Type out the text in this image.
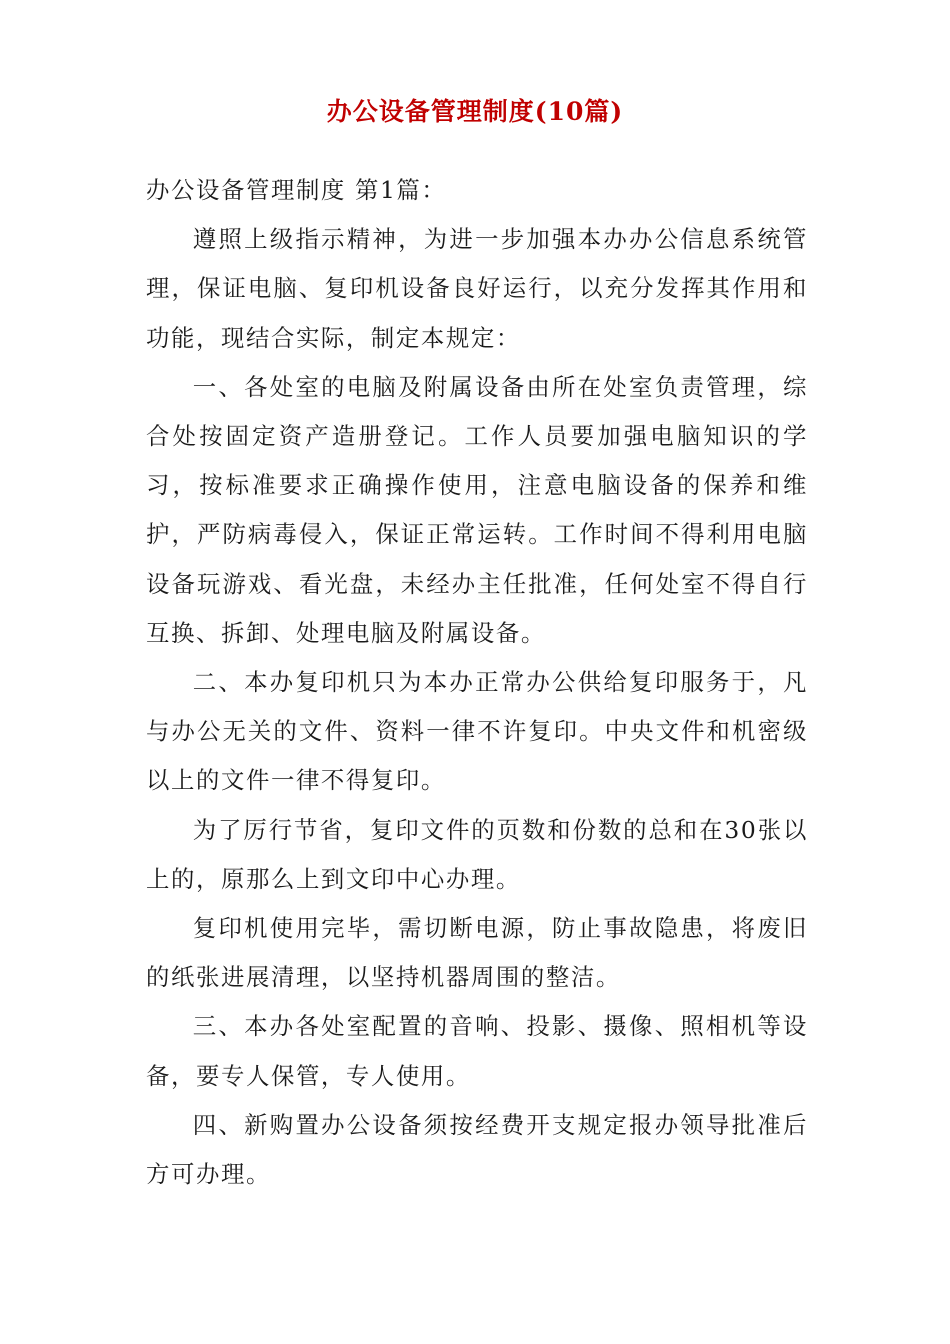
办公设备管理制度(10篇)

办公设备管理制度 第1篇：

遵照上级指示精神，为进一步加强本办办公信息系统管理，保证电脑、复印机设备良好运行，以充分发挥其作用和功能，现结合实际，制定本规定：

一、各处室的电脑及附属设备由所在处室负责管理，综合处按固定资产造册登记。工作人员要加强电脑知识的学习，按标准要求正确操作使用，注意电脑设备的保养和维护，严防病毒侵入，保证正常运转。工作时间不得利用电脑设备玩游戏、看光盘，未经办主任批准，任何处室不得自行互换、拆卸、处理电脑及附属设备。

二、本办复印机只为本办正常办公供给复印服务于，凡与办公无关的文件、资料一律不许复印。中央文件和机密级以上的文件一律不得复印。

为了厉行节省，复印文件的页数和份数的总和在30张以上的，原那么上到文印中心办理。

复印机使用完毕，需切断电源，防止事故隐患，将废旧的纸张进展清理，以坚持机器周围的整洁。

三、本办各处室配置的音响、投影、摄像、照相机等设备，要专人保管，专人使用。

四、新购置办公设备须按经费开支规定报办领导批准后方可办理。
